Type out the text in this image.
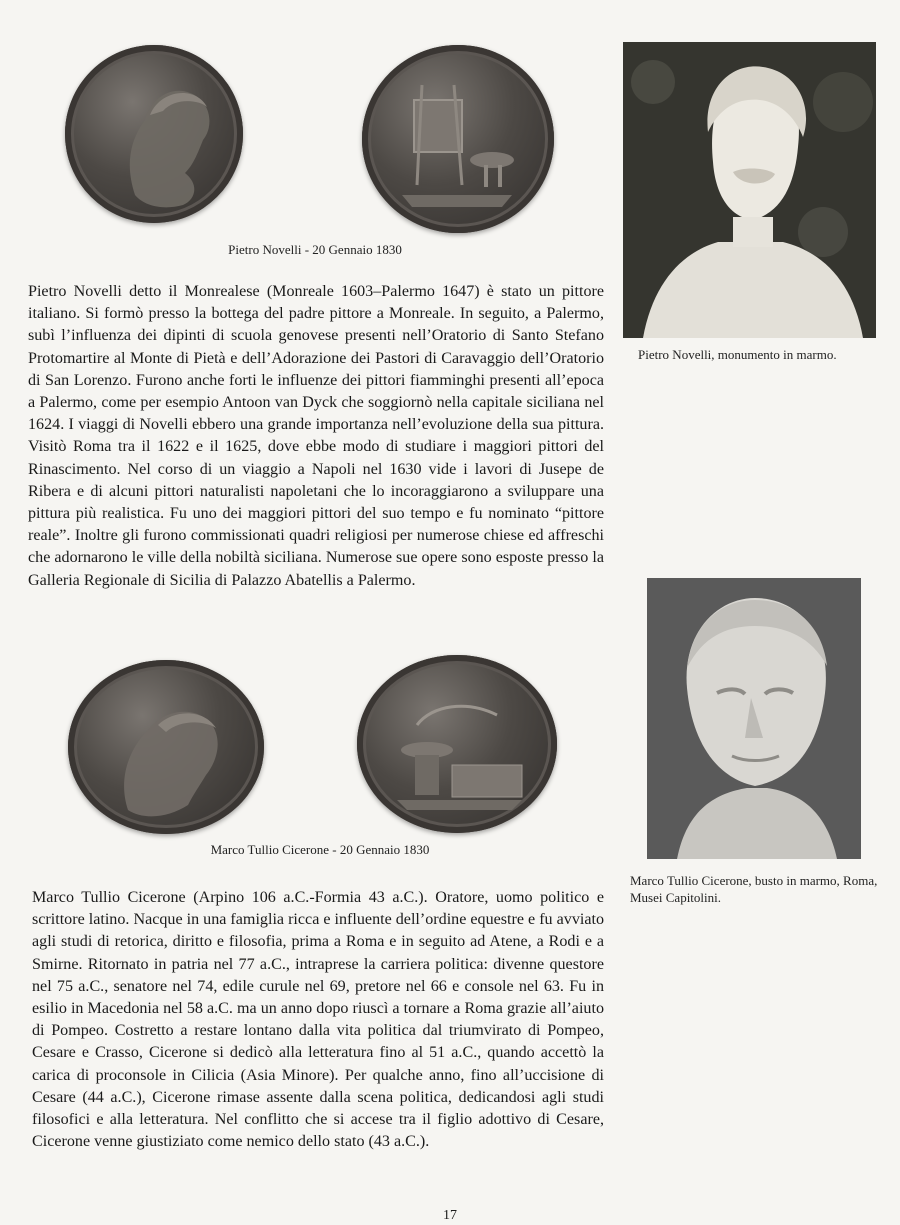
Pietro Novelli - 20 Gennaio 1830
Pietro Novelli detto il Monrealese (Monreale 1603–Palermo 1647) è stato un pittore italiano. Si formò presso la bottega del padre pittore a Monreale. In seguito, a Palermo, subì l’influenza dei dipinti di scuola genovese presenti nell’Oratorio di Santo Stefano Protomartire al Monte di Pietà e dell’Adorazione dei Pastori di Caravaggio dell’Oratorio di San Lorenzo. Furono anche forti le influenze dei pittori fiamminghi presenti all’epoca a Palermo, come per esempio Antoon van Dyck che soggiornò nella capitale siciliana nel 1624. I viaggi di Novelli ebbero una grande importanza nell’evoluzione della sua pittura. Visitò Roma tra il 1622 e il 1625, dove ebbe modo di studiare i maggiori pittori del Rinascimento. Nel corso di un viaggio a Napoli nel 1630 vide i lavori di Jusepe de Ribera e di alcuni pittori naturalisti napoletani che lo incoraggiarono a sviluppare una pittura più realistica. Fu uno dei maggiori pittori del suo tempo e fu nominato “pittore reale”. Inoltre gli furono commissionati quadri religiosi per numerose chiese ed affreschi che adornarono le ville della nobiltà siciliana. Numerose sue opere sono esposte presso la Galleria Regionale di Sicilia di Palazzo Abatellis a Palermo.
Pietro Novelli, monumento in marmo.
Marco Tullio Cicerone - 20 Gennaio 1830
Marco Tullio Cicerone, busto in marmo, Roma, Musei Capitolini.
Marco Tullio Cicerone (Arpino 106 a.C.-Formia 43 a.C.). Oratore, uomo politico e scrittore latino. Nacque in una famiglia ricca e influente dell’ordine equestre e fu avviato agli studi di retorica, diritto e filosofia, prima a Roma e in seguito ad Atene, a Rodi e a Smirne. Ritornato in patria nel 77 a.C., intraprese la carriera politica: divenne questore nel 75 a.C., senatore nel 74, edile curule nel 69, pretore nel 66 e console nel 63. Fu in esilio in Macedonia nel 58 a.C. ma un anno dopo riuscì a tornare a Roma grazie all’aiuto di Pompeo. Costretto a restare lontano dalla vita politica dal triumvirato di Pompeo, Cesare e Crasso, Cicerone si dedicò alla letteratura fino al 51 a.C., quando accettò la carica di proconsole in Cilicia (Asia Minore). Per qualche anno, fino all’uccisione di Cesare (44 a.C.), Cicerone rimase assente dalla scena politica, dedicandosi agli studi filosofici e alla letteratura. Nel conflitto che si accese tra il figlio adottivo di Cesare, Cicerone venne giustiziato come nemico dello stato (43 a.C.).
17
